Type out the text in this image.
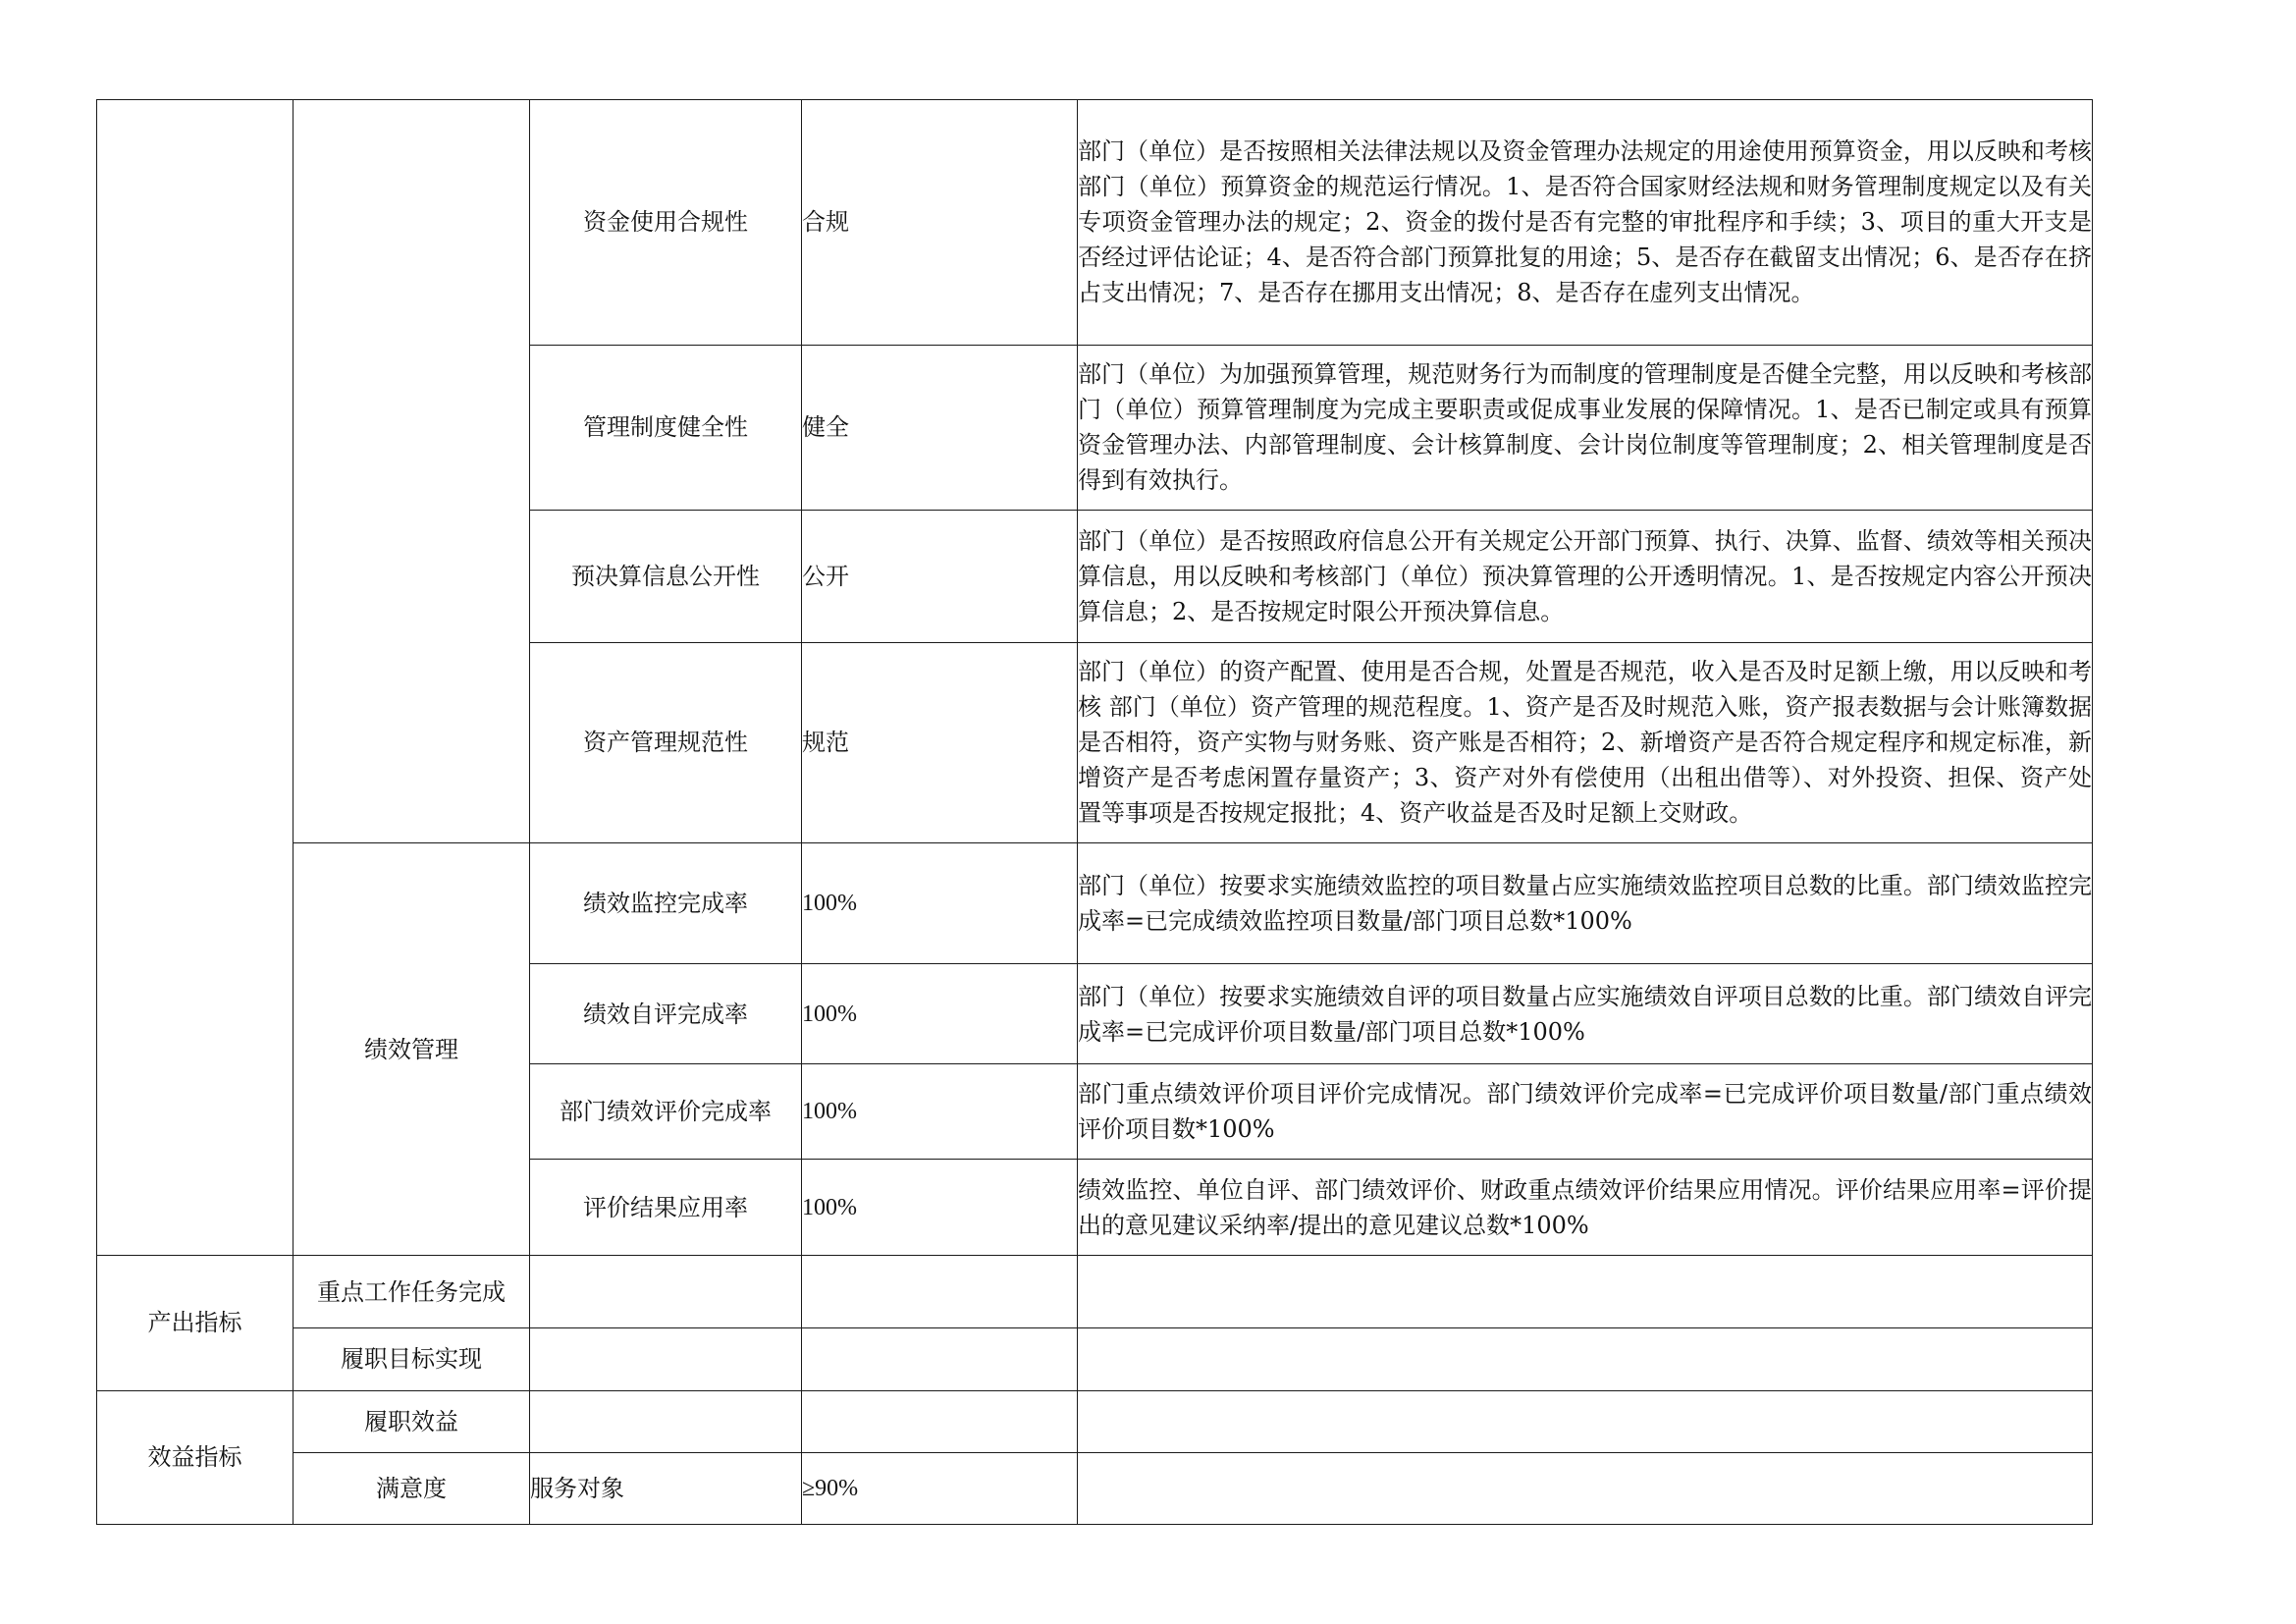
		资金使用合规性	合规	部门（单位）是否按照相关法律法规以及资金管理办法规定的用途使用预算资金，用以反映和考核部门（单位）预算资金的规范运行情况。1、是否符合国家财经法规和财务管理制度规定以及有关专项资金管理办法的规定；2、资金的拨付是否有完整的审批程序和手续；3、项目的重大开支是否经过评估论证；4、是否符合部门预算批复的用途；5、是否存在截留支出情况；6、是否存在挤占支出情况；7、是否存在挪用支出情况；8、是否存在虚列支出情况。
		管理制度健全性	健全	部门（单位）为加强预算管理，规范财务行为而制度的管理制度是否健全完整，用以反映和考核部门（单位）预算管理制度为完成主要职责或促成事业发展的保障情况。1、是否已制定或具有预算资金管理办法、内部管理制度、会计核算制度、会计岗位制度等管理制度；2、相关管理制度是否得到有效执行。
		预决算信息公开性	公开	部门（单位）是否按照政府信息公开有关规定公开部门预算、执行、决算、监督、绩效等相关预决算信息，用以反映和考核部门（单位）预决算管理的公开透明情况。1、是否按规定内容公开预决算信息；2、是否按规定时限公开预决算信息。
		资产管理规范性	规范	部门（单位）的资产配置、使用是否合规，处置是否规范，收入是否及时足额上缴，用以反映和考核 部门（单位）资产管理的规范程度。1、资产是否及时规范入账，资产报表数据与会计账簿数据是否相符，资产实物与财务账、资产账是否相符；2、新增资产是否符合规定程序和规定标准，新增资产是否考虑闲置存量资产；3、资产对外有偿使用（出租出借等）、对外投资、担保、资产处置等事项是否按规定报批；4、资产收益是否及时足额上交财政。
	绩效管理	绩效监控完成率	100%	部门（单位）按要求实施绩效监控的项目数量占应实施绩效监控项目总数的比重。部门绩效监控完成率=已完成绩效监控项目数量/部门项目总数*100%
		绩效自评完成率	100%	部门（单位）按要求实施绩效自评的项目数量占应实施绩效自评项目总数的比重。部门绩效自评完成率=已完成评价项目数量/部门项目总数*100%
		部门绩效评价完成率	100%	部门重点绩效评价项目评价完成情况。部门绩效评价完成率=已完成评价项目数量/部门重点绩效评价项目数*100%
		评价结果应用率	100%	绩效监控、单位自评、部门绩效评价、财政重点绩效评价结果应用情况。评价结果应用率=评价提出的意见建议采纳率/提出的意见建议总数*100%
产出指标	重点工作任务完成			
	履职目标实现			
效益指标	履职效益			
	满意度	服务对象	≥90%	
